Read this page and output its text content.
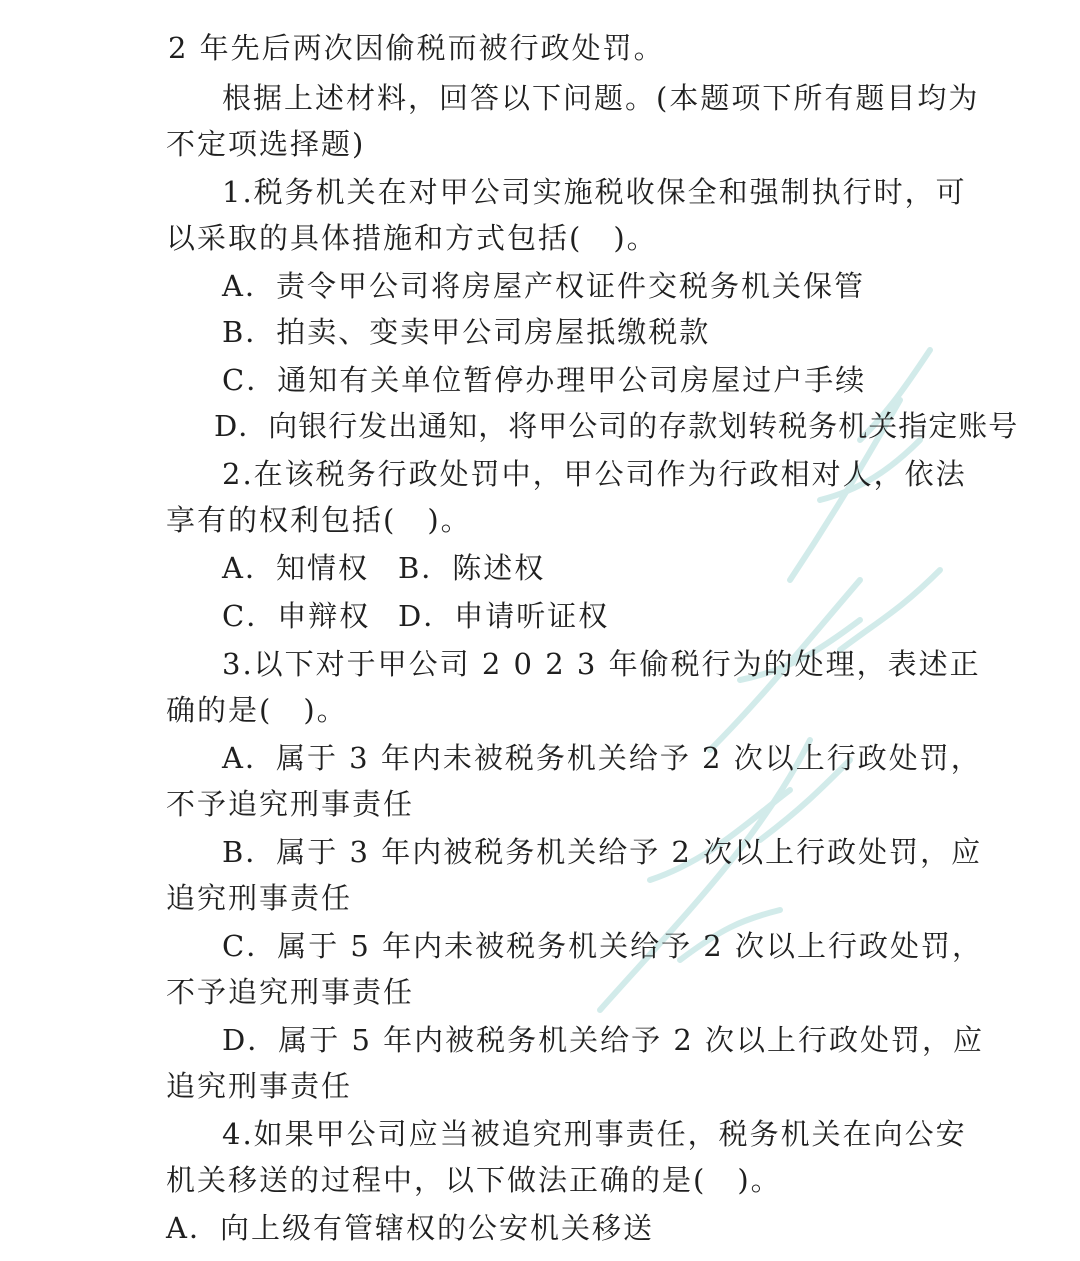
2 年先后两次因偷税而被行政处罚。
根据上述材料，回答以下问题。(本题项下所有题目均为
不定项选择题)
1.税务机关在对甲公司实施税收保全和强制执行时，可
以采取的具体措施和方式包括(　)。
A．责令甲公司将房屋产权证件交税务机关保管
B．拍卖、变卖甲公司房屋抵缴税款
C．通知有关单位暂停办理甲公司房屋过户手续
D．向银行发出通知，将甲公司的存款划转税务机关指定账号
2.在该税务行政处罚中，甲公司作为行政相对人，依法
享有的权利包括(　)。
A．知情权 B．陈述权
C．申辩权 D．申请听证权
3.以下对于甲公司 2 0 2 3 年偷税行为的处理，表述正
确的是(　)。
A．属于 3 年内未被税务机关给予 2 次以上行政处罚，
不予追究刑事责任
B．属于 3 年内被税务机关给予 2 次以上行政处罚，应
追究刑事责任
C．属于 5 年内未被税务机关给予 2 次以上行政处罚，
不予追究刑事责任
D．属于 5 年内被税务机关给予 2 次以上行政处罚，应
追究刑事责任
4.如果甲公司应当被追究刑事责任，税务机关在向公安
机关移送的过程中，以下做法正确的是(　)。
A．向上级有管辖权的公安机关移送
